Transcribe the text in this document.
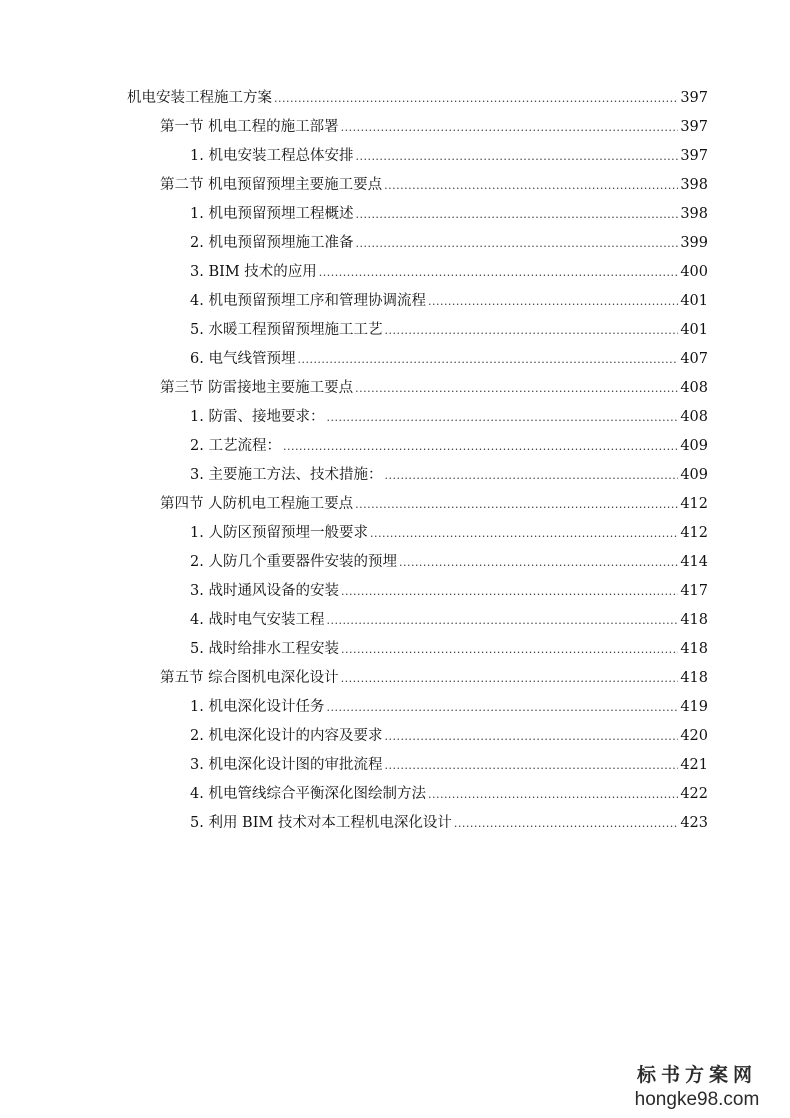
机电安装工程施工方案 .....	397
第一节 机电工程的施工部署 .....	397
1. 机电安装工程总体安排 .....	397
第二节 机电预留预埋主要施工要点 .....	398
1. 机电预留预埋工程概述 .....	398
2. 机电预留预埋施工准备 .....	399
3. BIM 技术的应用 .....	400
4. 机电预留预埋工序和管理协调流程 .....	401
5. 水暖工程预留预埋施工工艺 .....	401
6. 电气线管预埋 .....	407
第三节 防雷接地主要施工要点 .....	408
1. 防雷、接地要求： .....	408
2. 工艺流程： .....	409
3. 主要施工方法、技术措施： .....	409
第四节 人防机电工程施工要点 .....	412
1. 人防区预留预埋一般要求 .....	412
2. 人防几个重要器件安装的预埋 .....	414
3. 战时通风设备的安装 .....	417
4. 战时电气安装工程 .....	418
5. 战时给排水工程安装 .....	418
第五节 综合图机电深化设计 .....	418
1. 机电深化设计任务 .....	419
2. 机电深化设计的内容及要求 .....	420
3. 机电深化设计图的审批流程 .....	421
4. 机电管线综合平衡深化图绘制方法 .....	422
5. 利用 BIM 技术对本工程机电深化设计 .....	423
标书方案网
hongke98.com
